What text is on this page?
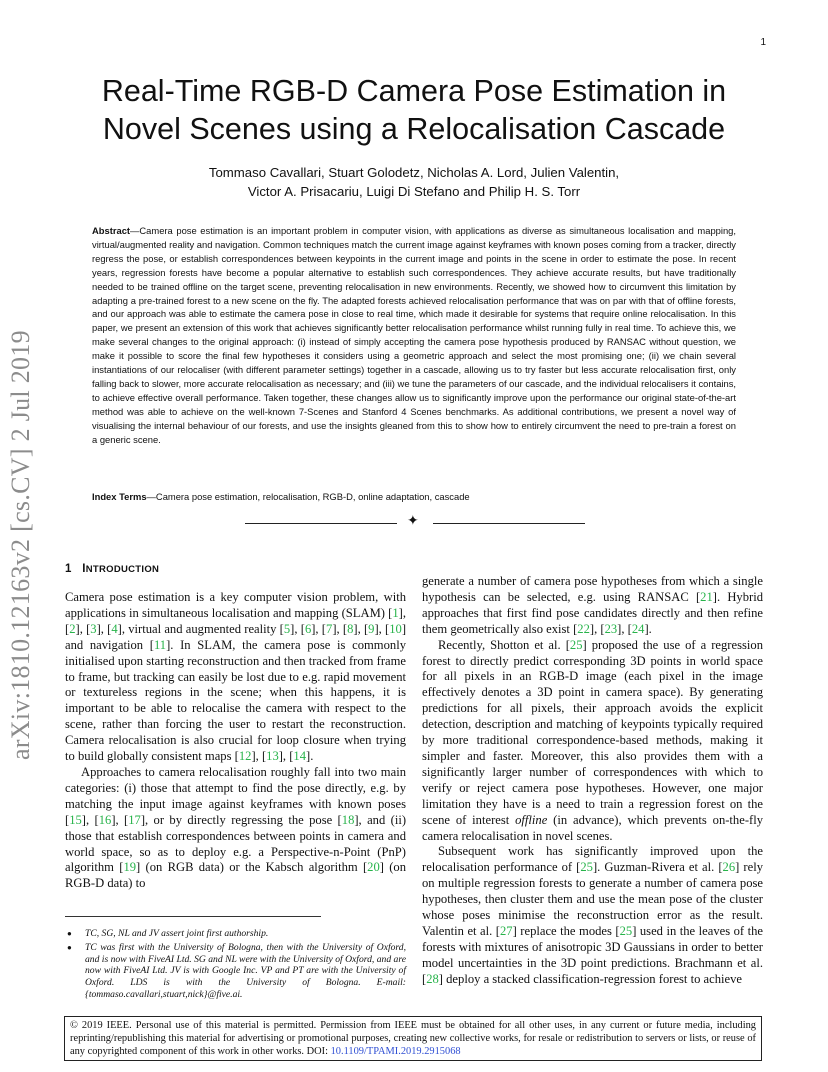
1
arXiv:1810.12163v2 [cs.CV] 2 Jul 2019
Real-Time RGB-D Camera Pose Estimation in Novel Scenes using a Relocalisation Cascade
Tommaso Cavallari, Stuart Golodetz, Nicholas A. Lord, Julien Valentin,
Victor A. Prisacariu, Luigi Di Stefano and Philip H. S. Torr
Abstract—Camera pose estimation is an important problem in computer vision, with applications as diverse as simultaneous localisation and mapping, virtual/augmented reality and navigation. Common techniques match the current image against keyframes with known poses coming from a tracker, directly regress the pose, or establish correspondences between keypoints in the current image and points in the scene in order to estimate the pose. In recent years, regression forests have become a popular alternative to establish such correspondences. They achieve accurate results, but have traditionally needed to be trained offline on the target scene, preventing relocalisation in new environments. Recently, we showed how to circumvent this limitation by adapting a pre-trained forest to a new scene on the fly. The adapted forests achieved relocalisation performance that was on par with that of offline forests, and our approach was able to estimate the camera pose in close to real time, which made it desirable for systems that require online relocalisation. In this paper, we present an extension of this work that achieves significantly better relocalisation performance whilst running fully in real time. To achieve this, we make several changes to the original approach: (i) instead of simply accepting the camera pose hypothesis produced by RANSAC without question, we make it possible to score the final few hypotheses it considers using a geometric approach and select the most promising one; (ii) we chain several instantiations of our relocaliser (with different parameter settings) together in a cascade, allowing us to try faster but less accurate relocalisation first, only falling back to slower, more accurate relocalisation as necessary; and (iii) we tune the parameters of our cascade, and the individual relocalisers it contains, to achieve effective overall performance. Taken together, these changes allow us to significantly improve upon the performance our original state-of-the-art method was able to achieve on the well-known 7-Scenes and Stanford 4 Scenes benchmarks. As additional contributions, we present a novel way of visualising the internal behaviour of our forests, and use the insights gleaned from this to show how to entirely circumvent the need to pre-train a forest on a generic scene.
Index Terms—Camera pose estimation, relocalisation, RGB-D, online adaptation, cascade
✦
1 INTRODUCTION

Camera pose estimation is a key computer vision problem, with applications in simultaneous localisation and mapping (SLAM) [1], [2], [3], [4], virtual and augmented reality [5], [6], [7], [8], [9], [10] and navigation [11]. In SLAM, the camera pose is commonly initialised upon starting reconstruction and then tracked from frame to frame, but tracking can easily be lost due to e.g. rapid movement or textureless regions in the scene; when this happens, it is important to be able to relocalise the camera with respect to the scene, rather than forcing the user to restart the reconstruction. Camera relocalisation is also crucial for loop closure when trying to build globally consistent maps [12], [13], [14].

Approaches to camera relocalisation roughly fall into two main categories: (i) those that attempt to find the pose directly, e.g. by matching the input image against keyframes with known poses [15], [16], [17], or by directly regressing the pose [18], and (ii) those that establish correspondences between points in camera and world space, so as to deploy e.g. a Perspective-n-Point (PnP) algorithm [19] (on RGB data) or the Kabsch algorithm [20] (on RGB-D data) to

generate a number of camera pose hypotheses from which a single hypothesis can be selected, e.g. using RANSAC [21]. Hybrid approaches that first find pose candidates directly and then refine them geometrically also exist [22], [23], [24].

Recently, Shotton et al. [25] proposed the use of a regression forest to directly predict corresponding 3D points in world space for all pixels in an RGB-D image (each pixel in the image effectively denotes a 3D point in camera space). By generating predictions for all pixels, their approach avoids the explicit detection, description and matching of keypoints typically required by more traditional correspondence-based methods, making it simpler and faster. Moreover, this also provides them with a significantly larger number of correspondences with which to verify or reject camera pose hypotheses. However, one major limitation they have is a need to train a regression forest on the scene of interest offline (in advance), which prevents on-the-fly camera relocalisation in novel scenes.

Subsequent work has significantly improved upon the relocalisation performance of [25]. Guzman-Rivera et al. [26] rely on multiple regression forests to generate a number of camera pose hypotheses, then cluster them and use the mean pose of the cluster whose poses minimise the reconstruction error as the result. Valentin et al. [27] replace the modes [25] used in the leaves of the forests with mixtures of anisotropic 3D Gaussians in order to better model uncertainties in the 3D point predictions. Brachmann et al. [28] deploy a stacked classification-regression forest to achieve

● TC, SG, NL and JV assert joint first authorship.
● TC was first with the University of Bologna, then with the University of Oxford, and is now with FiveAI Ltd. SG and NL were with the University of Oxford, and are now with FiveAI Ltd. JV is with Google Inc. VP and PT are with the University of Oxford. LDS is with the University of Bologna. E-mail: {tommaso.cavallari,stuart,nick}@five.ai.
© 2019 IEEE. Personal use of this material is permitted. Permission from IEEE must be obtained for all other uses, in any current or future media, including reprinting/republishing this material for advertising or promotional purposes, creating new collective works, for resale or redistribution to servers or lists, or reuse of any copyrighted component of this work in other works. DOI: 10.1109/TPAMI.2019.2915068
